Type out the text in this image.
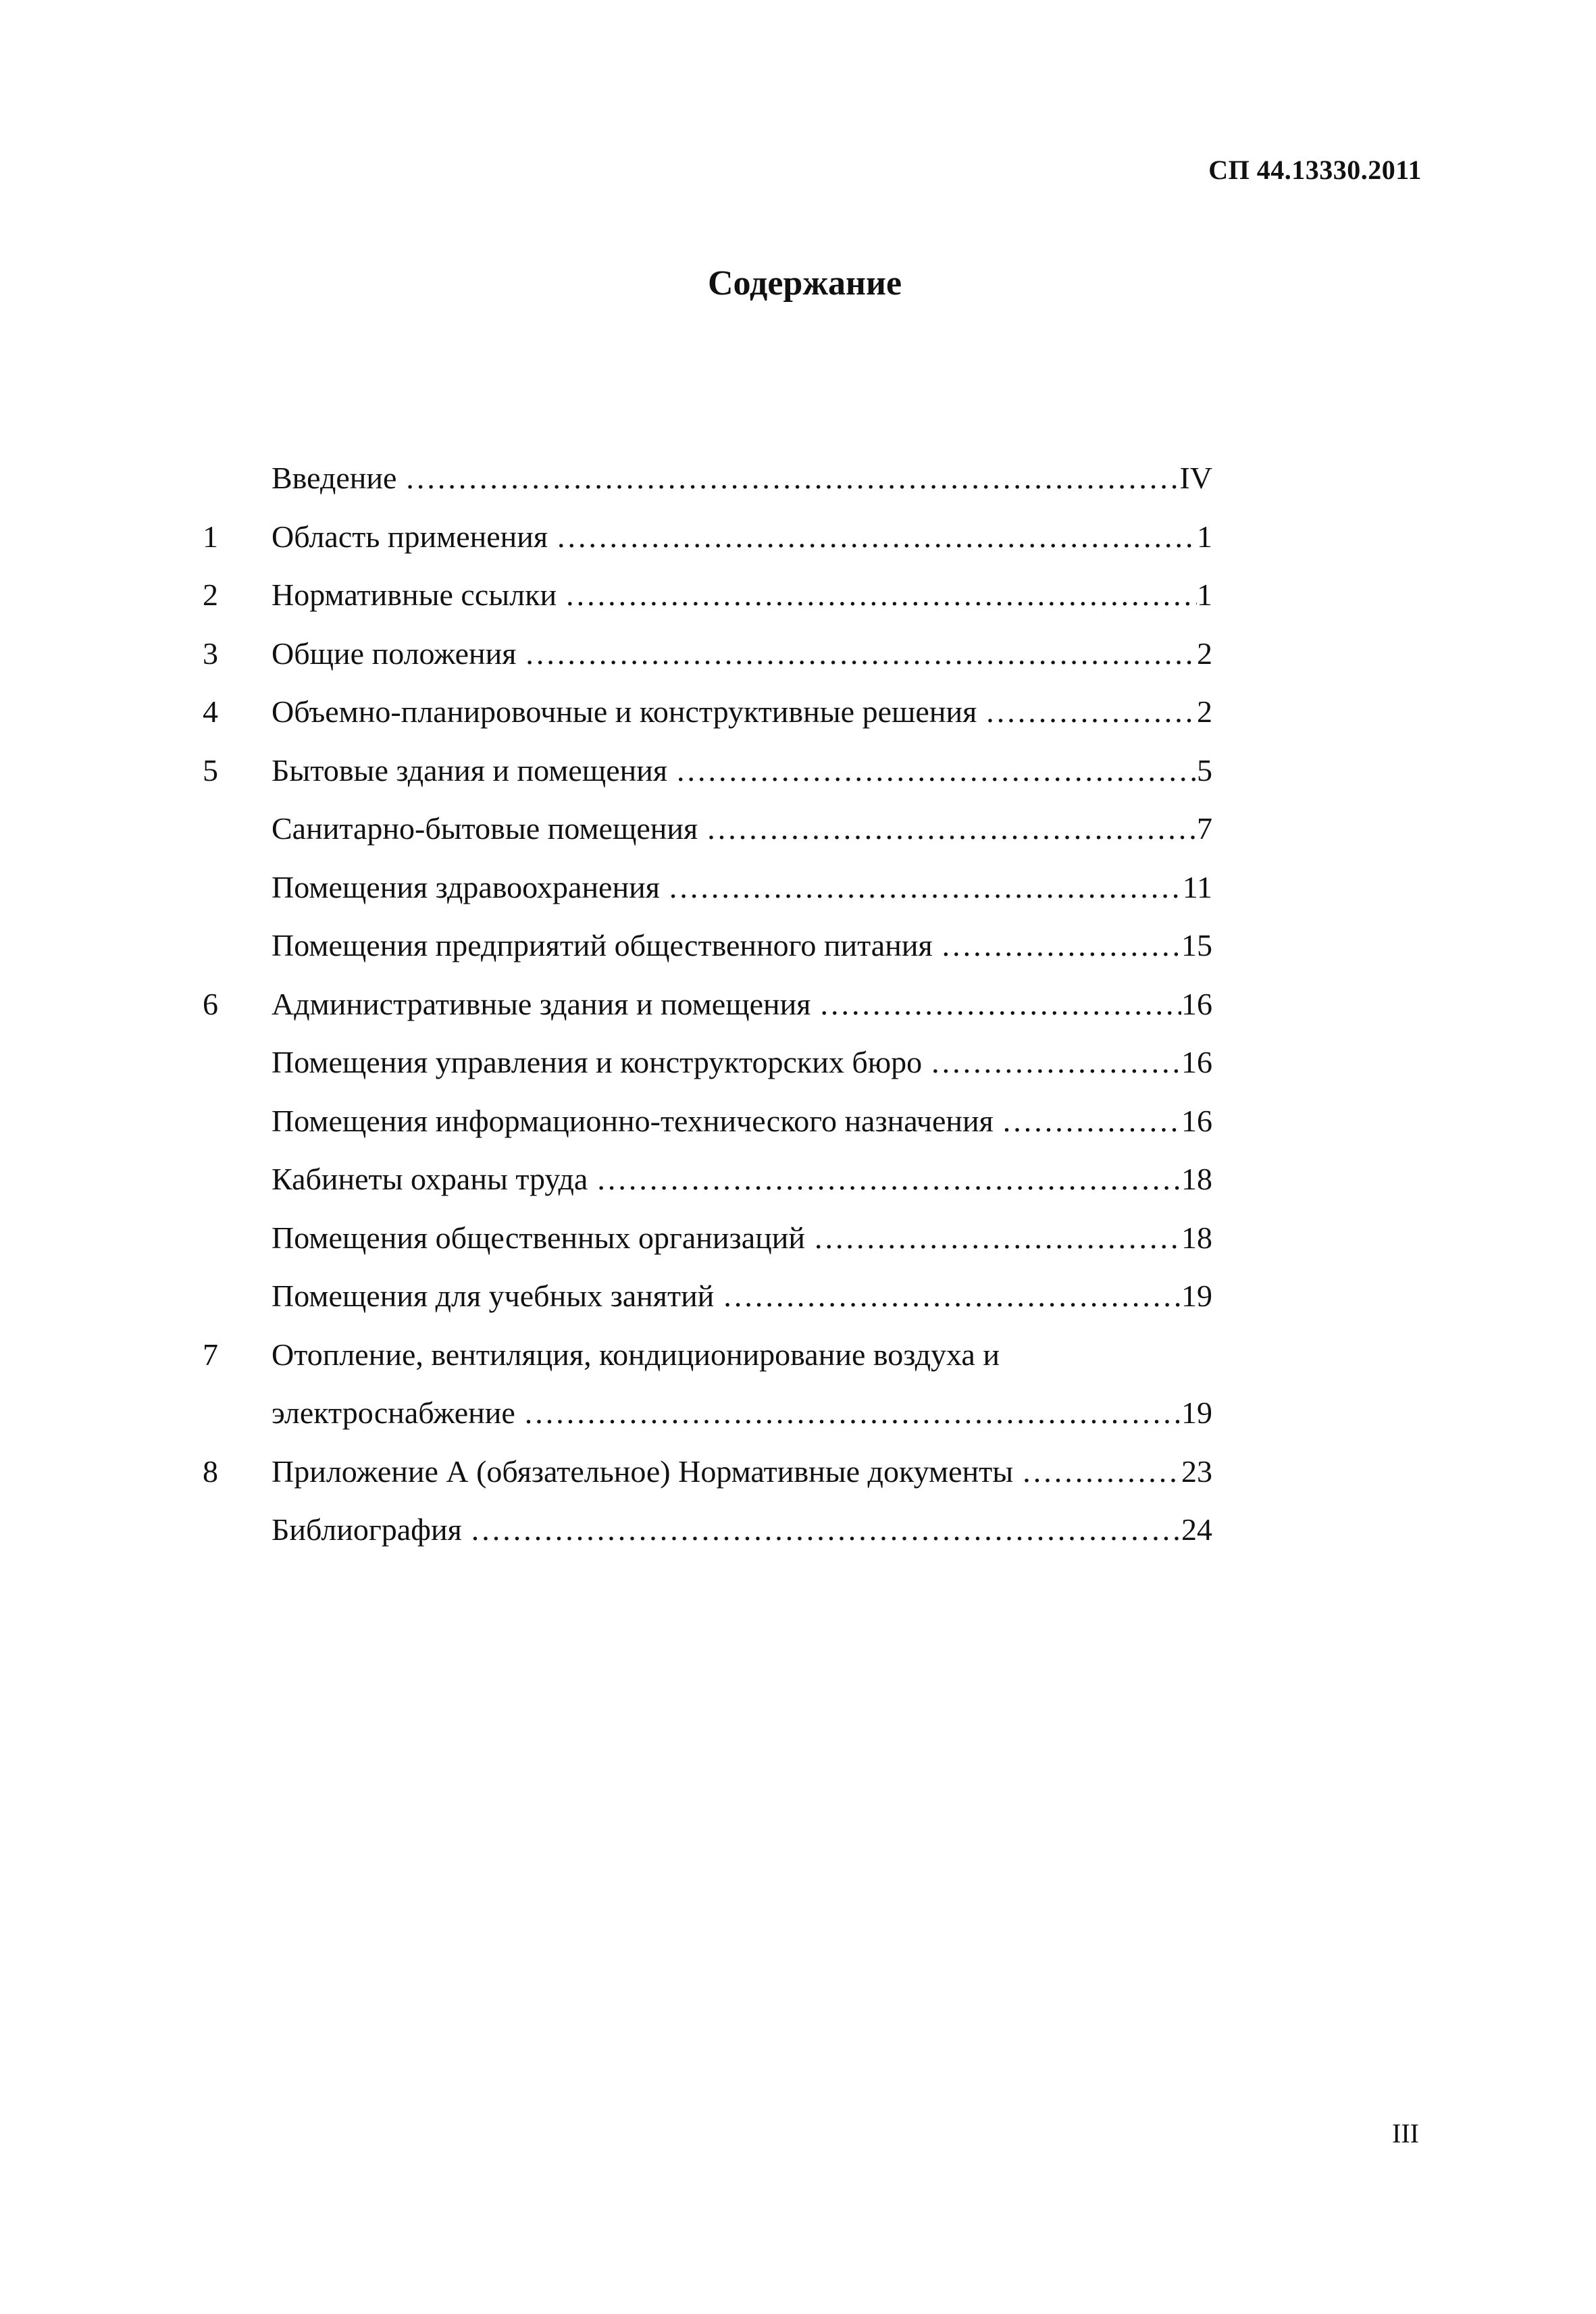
СП 44.13330.2011
Содержание
Введение .....	IV
1	Область применения .....	1
2	Нормативные ссылки .....	1
3	Общие положения .....	2
4	Объемно-планировочные и конструктивные решения .....	2
5	Бытовые здания и помещения .....	5
Санитарно-бытовые помещения .....	7
Помещения здравоохранения .....	11
Помещения предприятий общественного питания .....	15
6	Административные здания и помещения .....	16
Помещения управления и конструкторских бюро .....	16
Помещения информационно-технического назначения .....	16
Кабинеты охраны труда .....	18
Помещения общественных организаций .....	18
Помещения для учебных занятий .....	19
7	Отопление, вентиляция, кондиционирование воздуха и
электроснабжение .....	19
8	Приложение А (обязательное) Нормативные документы .....	23
Библиография .....	24
III
